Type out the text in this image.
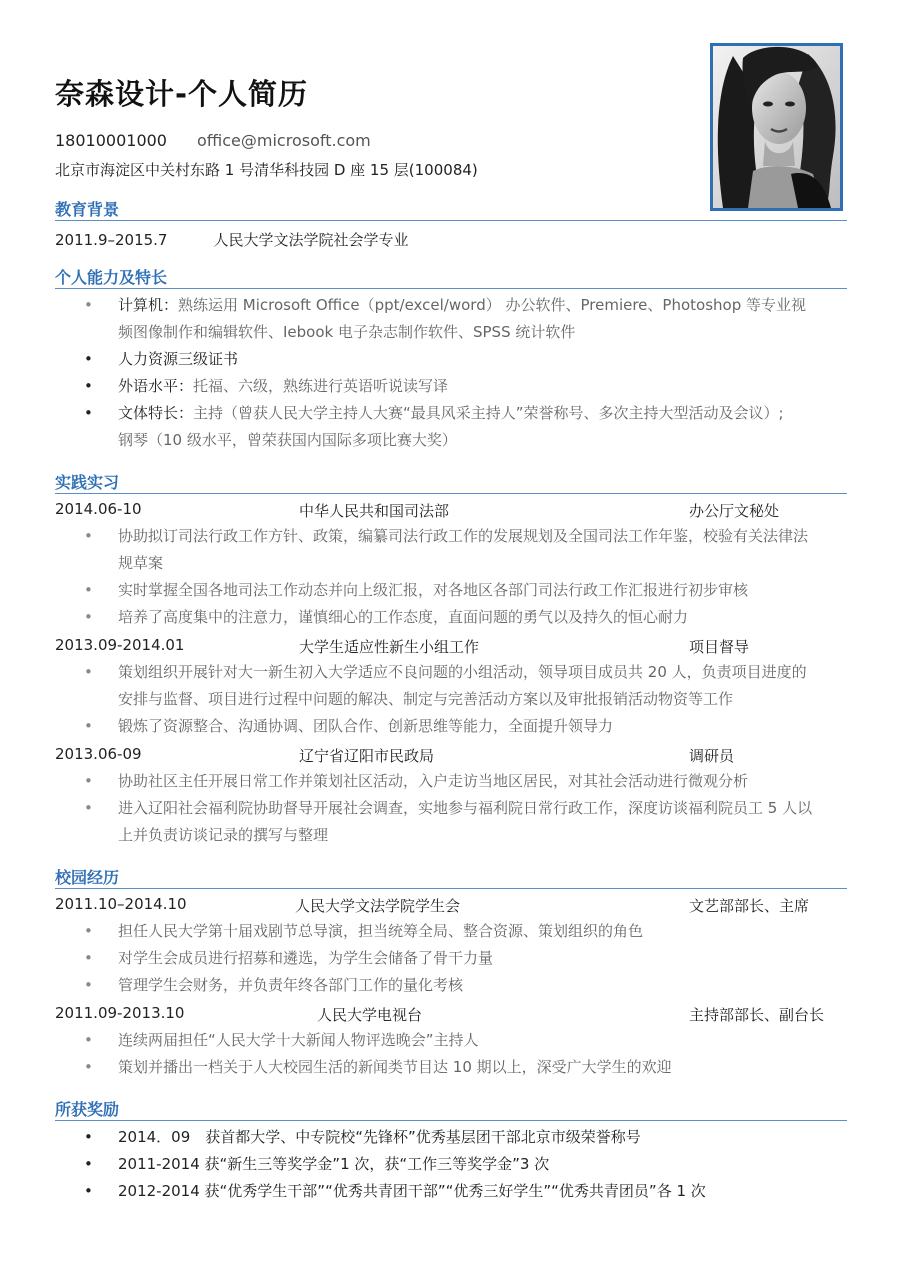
奈森设计-个人简历
18010001000 office@microsoft.com
北京市海淀区中关村东路 1 号清华科技园 D 座 15 层(100084)
教育背景
2011.9–2015.7	人民大学文法学院社会学专业
个人能力及特长
• 计算机：熟练运用 Microsoft Office（ppt/excel/word） 办公软件、Premiere、Photoshop 等专业视
频图像制作和编辑软件、Iebook 电子杂志制作软件、SPSS 统计软件
• 人力资源三级证书
• 外语水平：托福、六级，熟练进行英语听说读写译
• 文体特长：主持（曾获人民大学主持人大赛“最具风采主持人”荣誉称号、多次主持大型活动及会议）;
钢琴（10 级水平，曾荣获国内国际多项比赛大奖）
实践实习
2014.06-10	中华人民共和国司法部	办公厅文秘处
• 协助拟订司法行政工作方针、政策，编纂司法行政工作的发展规划及全国司法工作年鉴，校验有关法律法
规草案
• 实时掌握全国各地司法工作动态并向上级汇报，对各地区各部门司法行政工作汇报进行初步审核
• 培养了高度集中的注意力，谨慎细心的工作态度，直面问题的勇气以及持久的恒心耐力
2013.09-2014.01	大学生适应性新生小组工作	项目督导
• 策划组织开展针对大一新生初入大学适应不良问题的小组活动，领导项目成员共 20 人，负责项目进度的
安排与监督、项目进行过程中问题的解决、制定与完善活动方案以及审批报销活动物资等工作
• 锻炼了资源整合、沟通协调、团队合作、创新思维等能力，全面提升领导力
2013.06-09	辽宁省辽阳市民政局	调研员
• 协助社区主任开展日常工作并策划社区活动，入户走访当地区居民，对其社会活动进行微观分析
• 进入辽阳社会福利院协助督导开展社会调查，实地参与福利院日常行政工作，深度访谈福利院员工 5 人以
上并负责访谈记录的撰写与整理
校园经历
2011.10–2014.10	人民大学文法学院学生会	文艺部部长、主席
• 担任人民大学第十届戏剧节总导演，担当统筹全局、整合资源、策划组织的角色
• 对学生会成员进行招募和遴选，为学生会储备了骨干力量
• 管理学生会财务，并负责年终各部门工作的量化考核
2011.09-2013.10	人民大学电视台	主持部部长、副台长
• 连续两届担任“人民大学十大新闻人物评选晚会”主持人
• 策划并播出一档关于人大校园生活的新闻类节目达 10 期以上，深受广大学生的欢迎
所获奖励
• 2014．09　获首都大学、中专院校“先锋杯”优秀基层团干部北京市级荣誉称号
• 2011-2014 获“新生三等奖学金”1 次，获“工作三等奖学金”3 次
• 2012-2014 获“优秀学生干部”“优秀共青团干部”“优秀三好学生”“优秀共青团员”各 1 次
